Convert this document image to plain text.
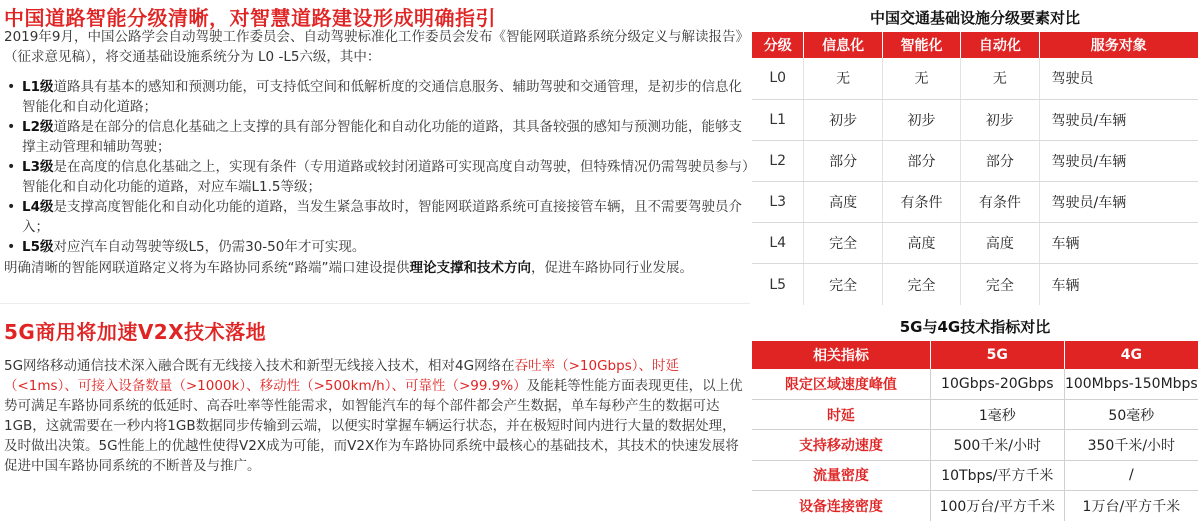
中国道路智能分级清晰，对智慧道路建设形成明确指引
2019年9月，中国公路学会自动驾驶工作委员会、自动驾驶标准化工作委员会发布《智能网联道路系统分级定义与解读报告》（征求意见稿），将交通基础设施系统分为 L0 -L5六级，其中：
• L1级道路具有基本的感知和预测功能，可支持低空间和低解析度的交通信息服务、辅助驾驶和交通管理，是初步的信息化智能化和自动化道路；
• L2级道路是在部分的信息化基础之上支撑的具有部分智能化和自动化功能的道路，其具备较强的感知与预测功能，能够支撑主动管理和辅助驾驶；
• L3级是在高度的信息化基础之上，实现有条件（专用道路或较封闭道路可实现高度自动驾驶，但特殊情况仍需驾驶员参与）智能化和自动化功能的道路，对应车端L1.5等级；
• L4级是支撑高度智能化和自动化功能的道路，当发生紧急事故时，智能网联道路系统可直接接管车辆，且不需要驾驶员介入；
• L5级对应汽车自动驾驶等级L5，仍需30-50年才可实现。
明确清晰的智能网联道路定义将为车路协同系统“路端”端口建设提供理论支撑和技术方向，促进车路协同行业发展。
中国交通基础设施分级要素对比
分级	信息化	智能化	自动化	服务对象
L0	无	无	无	驾驶员
L1	初步	初步	初步	驾驶员/车辆
L2	部分	部分	部分	驾驶员/车辆
L3	高度	有条件	有条件	驾驶员/车辆
L4	完全	高度	高度	车辆
L5	完全	完全	完全	车辆
5G商用将加速V2X技术落地
5G网络移动通信技术深入融合既有无线接入技术和新型无线接入技术，相对4G网络在吞吐率（>10Gbps）、时延（<1ms）、可接入设备数量（>1000k）、移动性（>500km/h）、可靠性（>99.9%）及能耗等性能方面表现更佳，以上优势可满足车路协同系统的低延时、高吞吐率等性能需求，如智能汽车的每个部件都会产生数据，单车每秒产生的数据可达1GB，这就需要在一秒内将1GB数据同步传输到云端，以便实时掌握车辆运行状态，并在极短时间内进行大量的数据处理，及时做出决策。5G性能上的优越性使得V2X成为可能，而V2X作为车路协同系统中最核心的基础技术，其技术的快速发展将促进中国车路协同系统的不断普及与推广。
5G与4G技术指标对比
相关指标	5G	4G
限定区域速度峰值	10Gbps-20Gbps	100Mbps-150Mbps
时延	1毫秒	50毫秒
支持移动速度	500千米/小时	350千米/小时
流量密度	10Tbps/平方千米	/
设备连接密度	100万台/平方千米	1万台/平方千米
